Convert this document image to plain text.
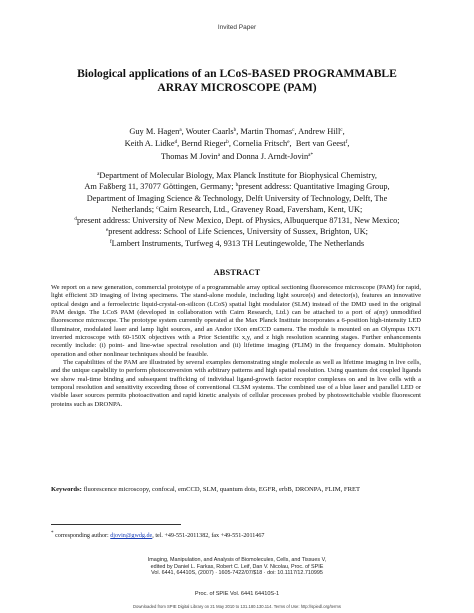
Invited Paper
Biological applications of an LCoS-BASED PROGRAMMABLE
ARRAY MICROSCOPE (PAM)
Guy M. Hagen$^a$, Wouter Caarls$^b$, Martin Thomas$^c$, Andrew Hill$^c$,
Keith A. Lidke$^d$, Bernd Rieger$^b$, Cornelia Fritsch$^e$,  Bert van Geest$^f$,
Thomas M Jovin$^a$ and Donna J. Arndt-Jovin$^{a*}$
$^a$Department of Molecular Biology, Max Planck Institute for Biophysical Chemistry,
Am Faßberg 11, 37077 Göttingen, Germany; $^b$present address: Quantitative Imaging Group,
Department of Imaging Science & Technology, Delft University of Technology, Delft, The
Netherlands; $^c$Cairn Research, Ltd., Graveney Road, Faversham, Kent, UK;
$^d$present address: University of New Mexico, Dept. of Physics, Albuquerque 87131, New Mexico;
$^e$present address: School of Life Sciences, University of Sussex, Brighton, UK;
$^f$Lambert Instruments, Turfweg 4, 9313 TH Leutingewolde, The Netherlands
ABSTRACT

We report on a new generation, commercial prototype of a programmable array optical sectioning fluorescence microscope (PAM) for rapid, light efficient 3D imaging of living specimens. The stand-alone module, including light source(s) and detector(s), features an innovative optical design and a ferroelectric liquid-crystal-on-silicon (LCoS) spatial light modulator (SLM) instead of the DMD used in the original PAM design. The LCoS PAM (developed in collaboration with Cairn Research, Ltd.) can be attached to a port of a(ny) unmodified fluorescence microscope. The prototype system currently operated at the Max Planck Institute incorporates a 6-position high-intensity LED illuminator, modulated laser and lamp light sources, and an Andor iXon emCCD camera. The module is mounted on an Olympus IX71 inverted microscope with 60-150X objectives with a Prior Scientific x,y, and z high resolution scanning stages. Further enhancements recently include: (i) point- and line-wise spectral resolution and (ii) lifetime imaging (FLIM) in the frequency domain. Multiphoton operation and other nonlinear techniques should be feasible.

The capabilities of the PAM are illustrated by several examples demonstrating single molecule as well as lifetime imaging in live cells, and the unique capability to perform photoconversion with arbitrary patterns and high spatial resolution. Using quantum dot coupled ligands we show real-time binding and subsequent trafficking of individual ligand-growth factor receptor complexes on and in live cells with a temporal resolution and sensitivity exceeding those of conventional CLSM systems. The combined use of a blue laser and parallel LED or visible laser sources permits photoactivation and rapid kinetic analysis of cellular processes probed by photoswitchable visible fluorescent proteins such as DRONPA.

Keywords: fluorescence microscopy, confocal, emCCD, SLM, quantum dots, EGFR, erbB, DRONPA, FLIM, FRET
* corresponding author: djovin@gwdg.de, tel. +49-551-2011382, fax +49-551-2011467
Imaging, Manipulation, and Analysis of Biomolecules, Cells, and Tissues V,
edited by Daniel L. Farkas, Robert C. Leif, Dan V. Nicolau, Proc. of SPIE
Vol. 6441, 64410S, (2007) · 1605-7422/07/$18 · doi: 10.1117/12.710995
Proc. of SPIE Vol. 6441 64410S-1
Downloaded from SPIE Digital Library on 21 May 2010 to 131.180.130.114. Terms of Use: http://spiedl.org/terms
